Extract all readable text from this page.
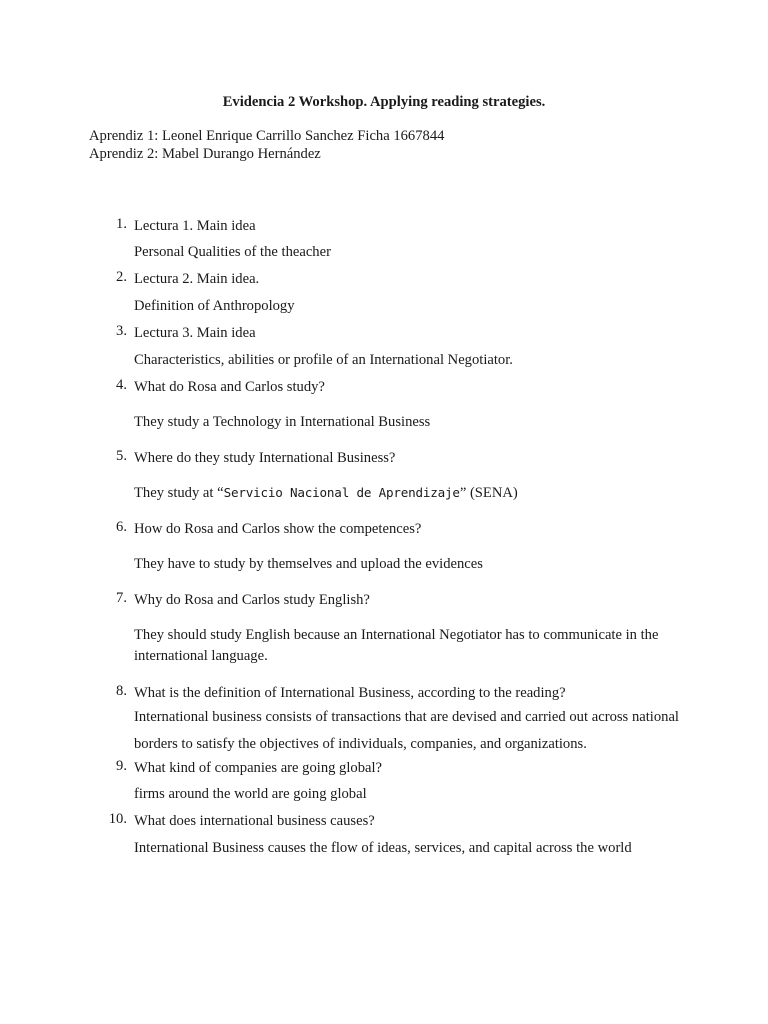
Evidencia 2 Workshop. Applying reading strategies.
Aprendiz 1: Leonel Enrique Carrillo Sanchez Ficha 1667844
Aprendiz 2: Mabel Durango Hernández
1. Lectura 1. Main idea
Personal Qualities of the theacher
2. Lectura 2. Main idea.
Definition of Anthropology
3. Lectura 3. Main idea
Characteristics, abilities or profile of an International Negotiator.
4. What do Rosa and Carlos study?
They study a Technology in International Business
5. Where do they study International Business?
They study at “Servicio Nacional de Aprendizaje” (SENA)
6. How do Rosa and Carlos show the competences?
They have to study by themselves and upload the evidences
7. Why do Rosa and Carlos study English?
They should study English because an International Negotiator has to communicate in the international language.
8. What is the definition of International Business, according to the reading?
International business consists of transactions that are devised and carried out across national borders to satisfy the objectives of individuals, companies, and organizations.
9. What kind of companies are going global?
firms around the world are going global
10. What does international business causes?
International Business causes the flow of ideas, services, and capital across the world
